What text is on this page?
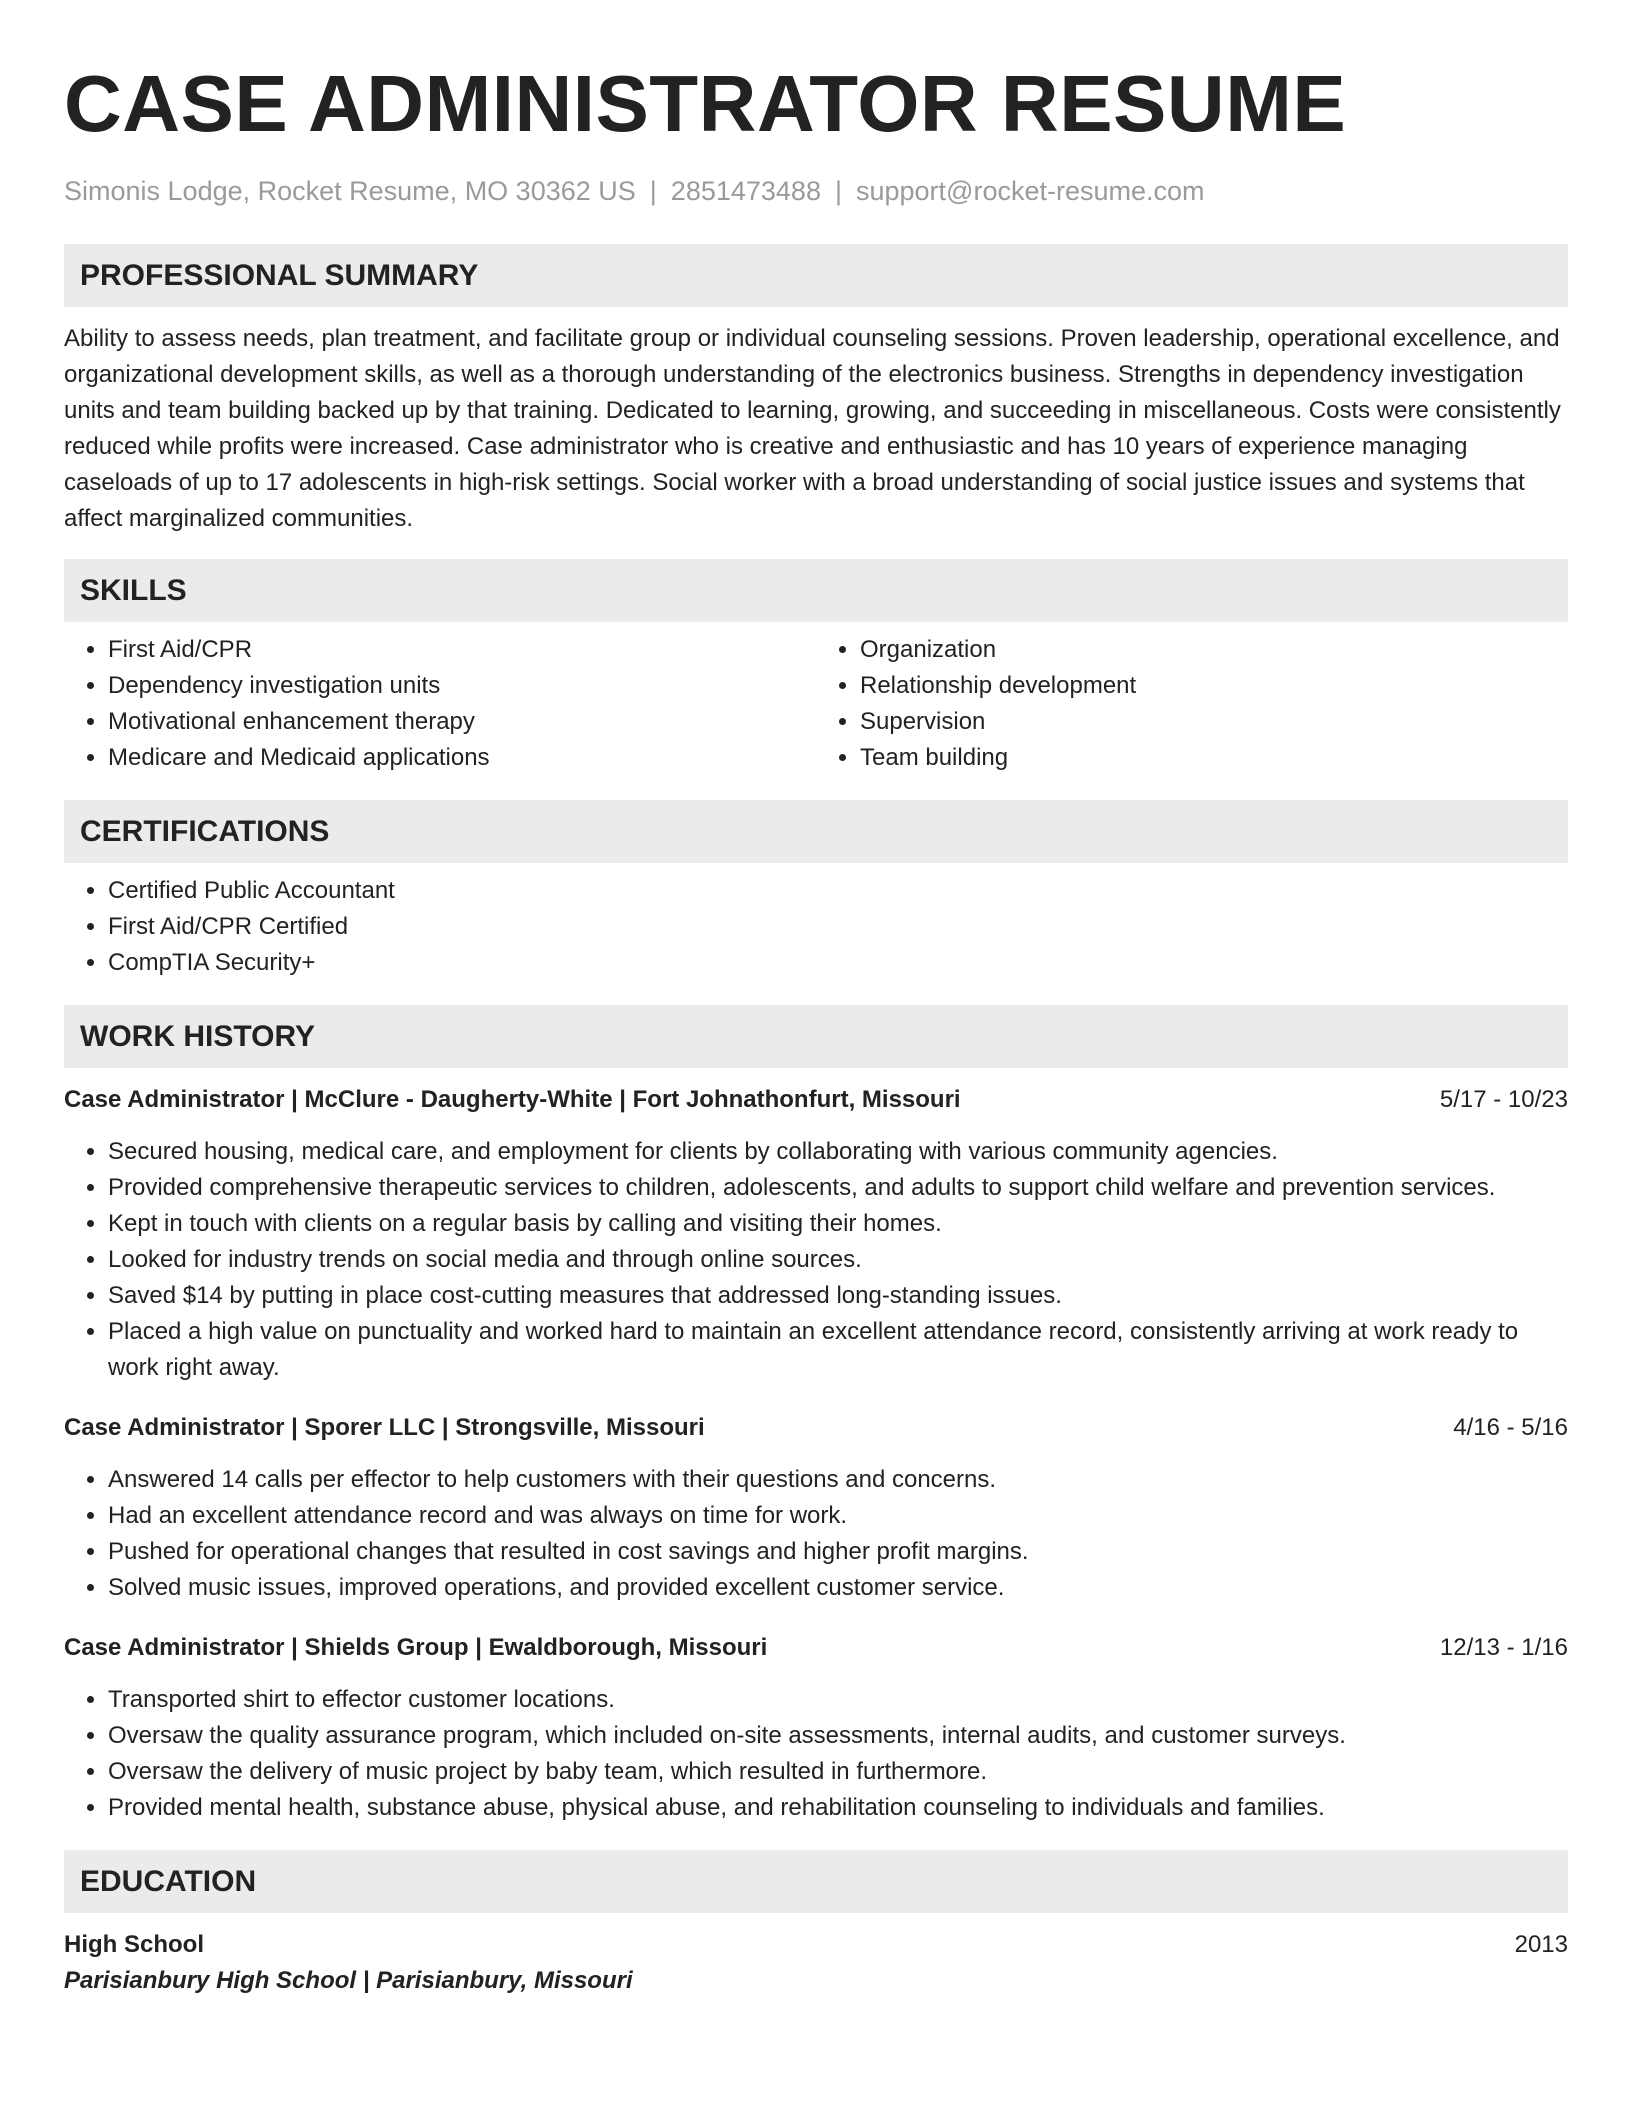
CASE ADMINISTRATOR RESUME
Simonis Lodge, Rocket Resume, MO 30362 US | 2851473488 | support@rocket-resume.com
PROFESSIONAL SUMMARY

Ability to assess needs, plan treatment, and facilitate group or individual counseling sessions. Proven leadership, operational excellence, and organizational development skills, as well as a thorough understanding of the electronics business. Strengths in dependency investigation units and team building backed up by that training. Dedicated to learning, growing, and succeeding in miscellaneous. Costs were consistently reduced while profits were increased. Case administrator who is creative and enthusiastic and has 10 years of experience managing caseloads of up to 17 adolescents in high-risk settings. Social worker with a broad understanding of social justice issues and systems that affect marginalized communities.

SKILLS
• First Aid/CPR
• Dependency investigation units
• Motivational enhancement therapy
• Medicare and Medicaid applications
• Organization
• Relationship development
• Supervision
• Team building
CERTIFICATIONS
• Certified Public Accountant
• First Aid/CPR Certified
• CompTIA Security+
WORK HISTORY
Case Administrator | McClure - Daugherty-White | Fort Johnathonfurt, Missouri	5/17 - 10/23
• Secured housing, medical care, and employment for clients by collaborating with various community agencies.
• Provided comprehensive therapeutic services to children, adolescents, and adults to support child welfare and prevention services.
• Kept in touch with clients on a regular basis by calling and visiting their homes.
• Looked for industry trends on social media and through online sources.
• Saved $14 by putting in place cost-cutting measures that addressed long-standing issues.
• Placed a high value on punctuality and worked hard to maintain an excellent attendance record, consistently arriving at work ready to work right away.
Case Administrator | Sporer LLC | Strongsville, Missouri	4/16 - 5/16
• Answered 14 calls per effector to help customers with their questions and concerns.
• Had an excellent attendance record and was always on time for work.
• Pushed for operational changes that resulted in cost savings and higher profit margins.
• Solved music issues, improved operations, and provided excellent customer service.
Case Administrator | Shields Group | Ewaldborough, Missouri	12/13 - 1/16
• Transported shirt to effector customer locations.
• Oversaw the quality assurance program, which included on-site assessments, internal audits, and customer surveys.
• Oversaw the delivery of music project by baby team, which resulted in furthermore.
• Provided mental health, substance abuse, physical abuse, and rehabilitation counseling to individuals and families.
EDUCATION
High School	2013
Parisianbury High School | Parisianbury, Missouri
